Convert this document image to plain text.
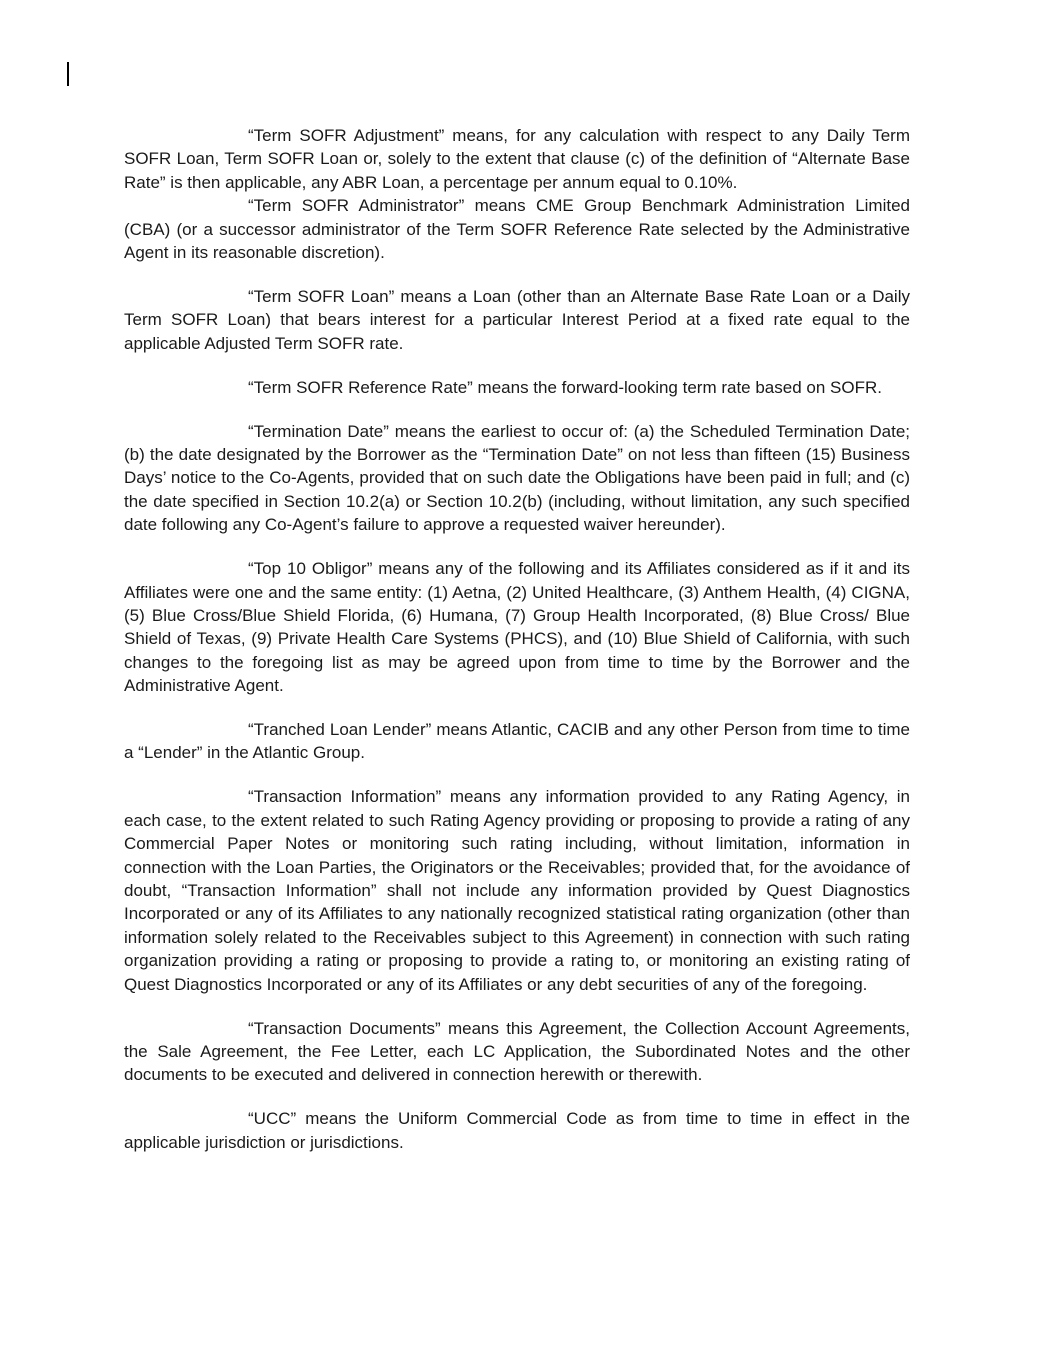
“Term SOFR Adjustment” means, for any calculation with respect to any Daily Term SOFR Loan, Term SOFR Loan or, solely to the extent that clause (c) of the definition of “Alternate Base Rate” is then applicable, any ABR Loan, a percentage per annum equal to 0.10%.

“Term SOFR Administrator” means CME Group Benchmark Administration Limited (CBA) (or a successor administrator of the Term SOFR Reference Rate selected by the Administrative Agent in its reasonable discretion).

“Term SOFR Loan” means a Loan (other than an Alternate Base Rate Loan or a Daily Term SOFR Loan) that bears interest for a particular Interest Period at a fixed rate equal to the applicable Adjusted Term SOFR rate.

“Term SOFR Reference Rate” means the forward-looking term rate based on SOFR.

“Termination Date” means the earliest to occur of: (a) the Scheduled Termination Date; (b) the date designated by the Borrower as the “Termination Date” on not less than fifteen (15) Business Days’ notice to the Co-Agents, provided that on such date the Obligations have been paid in full; and (c) the date specified in Section 10.2(a) or Section 10.2(b) (including, without limitation, any such specified date following any Co-Agent’s failure to approve a requested waiver hereunder).

“Top 10 Obligor” means any of the following and its Affiliates considered as if it and its Affiliates were one and the same entity: (1) Aetna, (2) United Healthcare, (3) Anthem Health, (4) CIGNA, (5) Blue Cross/Blue Shield Florida, (6) Humana, (7) Group Health Incorporated, (8) Blue Cross/ Blue Shield of Texas, (9) Private Health Care Systems (PHCS), and (10) Blue Shield of California, with such changes to the foregoing list as may be agreed upon from time to time by the Borrower and the Administrative Agent.

“Tranched Loan Lender” means Atlantic, CACIB and any other Person from time to time a “Lender” in the Atlantic Group.

“Transaction Information” means any information provided to any Rating Agency, in each case, to the extent related to such Rating Agency providing or proposing to provide a rating of any Commercial Paper Notes or monitoring such rating including, without limitation, information in connection with the Loan Parties, the Originators or the Receivables; provided that, for the avoidance of doubt, “Transaction Information” shall not include any information provided by Quest Diagnostics Incorporated or any of its Affiliates to any nationally recognized statistical rating organization (other than information solely related to the Receivables subject to this Agreement) in connection with such rating organization providing a rating or proposing to provide a rating to, or monitoring an existing rating of Quest Diagnostics Incorporated or any of its Affiliates or any debt securities of any of the foregoing.

“Transaction Documents” means this Agreement, the Collection Account Agreements, the Sale Agreement, the Fee Letter, each LC Application, the Subordinated Notes and the other documents to be executed and delivered in connection herewith or therewith.

“UCC” means the Uniform Commercial Code as from time to time in effect in the applicable jurisdiction or jurisdictions.
